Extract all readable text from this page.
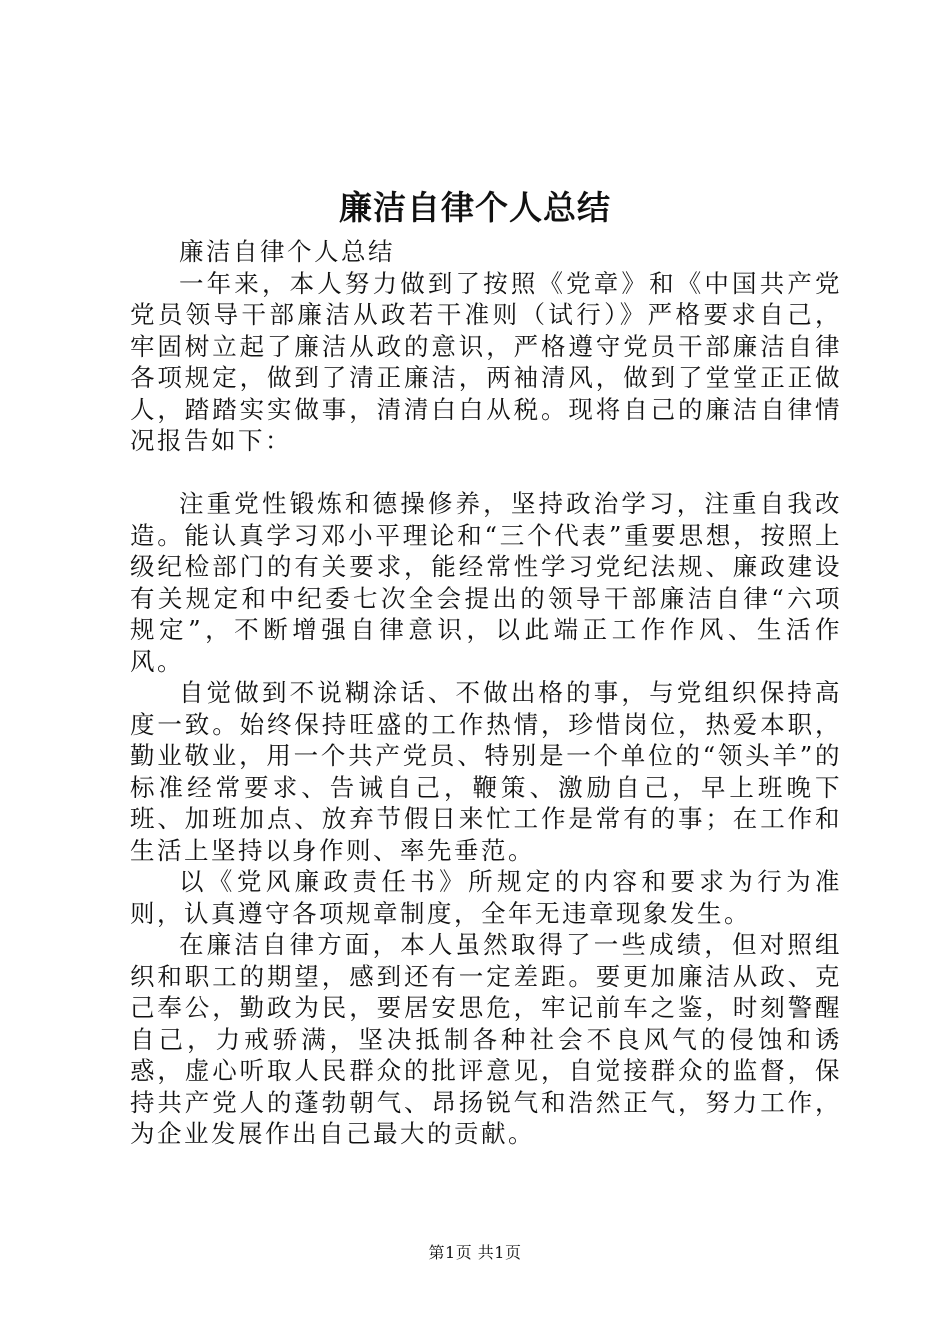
廉洁自律个人总结

廉洁自律个人总结

一年来，本人努力做到了按照《党章》和《中国共产党党员领导干部廉洁从政若干准则（试行）》严格要求自己，牢固树立起了廉洁从政的意识，严格遵守党员干部廉洁自律各项规定，做到了清正廉洁，两袖清风，做到了堂堂正正做人，踏踏实实做事，清清白白从税。现将自己的廉洁自律情况报告如下：

注重党性锻炼和德操修养，坚持政治学习，注重自我改造。能认真学习邓小平理论和“三个代表”重要思想，按照上级纪检部门的有关要求，能经常性学习党纪法规、廉政建设有关规定和中纪委七次全会提出的领导干部廉洁自律“六项规定”，不断增强自律意识，以此端正工作作风、生活作风。

自觉做到不说糊涂话、不做出格的事，与党组织保持高度一致。始终保持旺盛的工作热情，珍惜岗位，热爱本职，勤业敬业，用一个共产党员、特别是一个单位的“领头羊”的标准经常要求、告诫自己，鞭策、激励自己，早上班晚下班、加班加点、放弃节假日来忙工作是常有的事；在工作和生活上坚持以身作则、率先垂范。

以《党风廉政责任书》所规定的内容和要求为行为准则，认真遵守各项规章制度，全年无违章现象发生。

在廉洁自律方面，本人虽然取得了一些成绩，但对照组织和职工的期望，感到还有一定差距。要更加廉洁从政、克己奉公，勤政为民，要居安思危，牢记前车之鉴，时刻警醒自己，力戒骄满，坚决抵制各种社会不良风气的侵蚀和诱惑，虚心听取人民群众的批评意见，自觉接群众的监督，保持共产党人的蓬勃朝气、昂扬锐气和浩然正气，努力工作，为企业发展作出自己最大的贡献。

第1页 共1页
